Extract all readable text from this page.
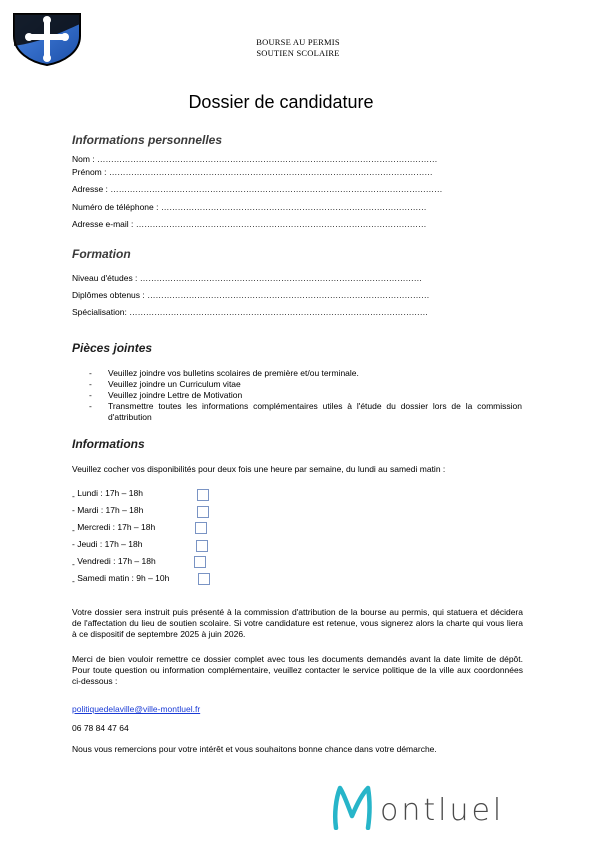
BOURSE AU PERMIS
SOUTIEN SCOLAIRE
Dossier de candidature
Informations personnelles
Nom : ……………………………………………………………………………………………………………
Prénom : ………………………………………………………………………………………………………
Adresse : …………………………………………………………………………………………………………
Numéro de téléphone : ……………………………………………………………………………………
Adresse e-mail : ……………………………………………………………………………………………
Formation
Niveau d'études : …………………………………………………………………………………………
Diplômes obtenus : …………………………………………………………………………………………
Spécialisation: ………………………………………………………………………………………………
Pièces jointes
- Veuillez joindre vos bulletins scolaires de première et/ou terminale.
- Veuillez joindre un Curriculum vitae
- Veuillez joindre Lettre de Motivation
- Transmettre toutes les informations complémentaires utiles à l'étude du dossier lors de la commission d'attribution
Informations
Veuillez cocher vos disponibilités pour deux fois une heure par semaine, du lundi au samedi matin :
- Lundi : 17h – 18h
- Mardi : 17h – 18h
- Mercredi : 17h – 18h
- Jeudi : 17h – 18h
- Vendredi : 17h – 18h
- Samedi matin : 9h – 10h
Votre dossier sera instruit puis présenté à la commission d'attribution de la bourse au permis, qui statuera et décidera de l'affectation du lieu de soutien scolaire. Si votre candidature est retenue, vous signerez alors la charte qui vous liera à ce dispositif de septembre 2025 à juin 2026.
Merci de bien vouloir remettre ce dossier complet avec tous les documents demandés avant la date limite de dépôt. Pour toute question ou information complémentaire, veuillez contacter le service politique de la ville aux coordonnées ci-dessous :
politiquedelaville@ville-montluel.fr
06 78 84 47 64
Nous vous remercions pour votre intérêt et vous souhaitons bonne chance dans votre démarche.
ontluel
